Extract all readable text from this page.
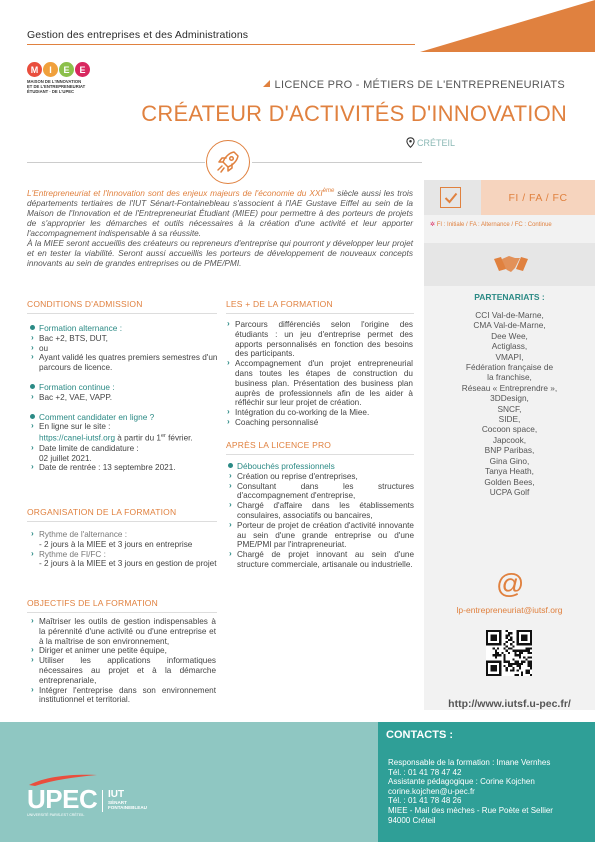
Gestion des entreprises et des Administrations
M	I	E	E
MAISON DE L'INNOVATION
ET DE L'ENTREPRENEURIAT
ÉTUDIANT · DE L'UPEC
LICENCE PRO - MÉTIERS DE L'ENTREPRENEURIATS
CRÉATEUR D'ACTIVITÉS D'INNOVATION
CRÉTEIL

L'Entrepreneuriat et l'Innovation sont des enjeux majeurs de l'économie du XXIème siècle aussi les trois départements tertiaires de l'IUT Sénart-Fontainebleau s'associent à l'IAE Gustave Eiffel au sein de la Maison de l'Innovation et de l'Entrepreneuriat Étudiant (MIEE) pour permettre à des porteurs de projets de s'approprier les démarches et outils nécessaires à la création d'une activité et leur apporter l'accompagnement indispensable à sa réussite.

À la MIEE seront accueillis des créateurs ou repreneurs d'entreprise qui pourront y développer leur projet et en tester la viabilité. Seront aussi accueillis les porteurs de développement de nouveaux concepts innovants au sein de grandes entreprises ou de PME/PMI.

FI / FA / FC
✲ FI : Initiale / FA : Alternance / FC : Continue
PARTENARIATS :
CCI Val-de-Marne,
CMA Val-de-Marne,
Dee Wee,
Actiglass,
VMAPI,
Fédération française de
la franchise,
Réseau « Entreprendre »,
3DDesign,
SNCF,
SIDE,
Cocoon space,
Japcook,
BNP Paribas,
Gina Gino,
Tanya Heath,
Golden Bees,
UCPA Golf
@
lp-entrepreneuriat@iutsf.org
http://www.iutsf.u-pec.fr/
CONDITIONS D'ADMISSION
Formation alternance :
› Bac +2, BTS, DUT,
› ou
› Ayant validé les quatres premiers semestres d'un parcours de licence.
Formation continue :
› Bac +2, VAE, VAPP.
Comment candidater en ligne ?
› En ligne sur le site :
https://canel-iutsf.org à partir du 1er février.
› Date limite de candidature :
02 juillet 2021.
› Date de rentrée : 13 septembre 2021.
ORGANISATION DE LA FORMATION
› Rythme de l'alternance :
- 2 jours à la MIEE et 3 jours en entreprise
› Rythme de FI/FC :
- 2 jours à la MIEE et 3 jours en gestion de projet
OBJECTIFS DE LA FORMATION
› Maîtriser les outils de gestion indispensables à la pérennité d'une activité ou d'une entreprise et à la maîtrise de son environnement,
› Diriger et animer une petite équipe,
› Utiliser les applications informatiques nécessaires au projet et à la démarche entreprenariale,
› Intégrer l'entreprise dans son environnement institutionnel et territorial.
LES + DE LA FORMATION
› Parcours différenciés selon l'origine des étudiants : un jeu d'entreprise permet des apports personnalisés en fonction des besoins des participants.
› Accompagnement d'un projet entrepreneurial dans toutes les étapes de construction du business plan. Présentation des business plan auprès de professionnels afin de les aider à réfléchir sur leur projet de création.
› Intégration du co-working de la Miee.
› Coaching personnalisé
APRÈS LA LICENCE PRO
Débouchés professionnels
› Création ou reprise d'entreprises,
› Consultant dans les structures d'accompagnement d'entreprise,
› Chargé d'affaire dans les établissements consulaires, associatifs ou bancaires,
› Porteur de projet de création d'activité innovante au sein d'une grande entreprise ou d'une PME/PMI par l'intrapreneuriat.
› Chargé de projet innovant au sein d'une structure commerciale, artisanale ou industrielle.
CONTACTS :
Responsable de la formation : Imane Vernhes
Tél. : 01 41 78 47 42
Assistante pédagogique : Corine Kojchen
corine.kojchen@u-pec.fr
Tél. : 01 41 78 48 26
MIEE - Mail des mèches - Rue Poète et Sellier
94000 Créteil
UPEC
UNIVERSITÉ PARIS-EST CRÉTEIL
IUT
SÉNART
FONTAINEBLEAU
